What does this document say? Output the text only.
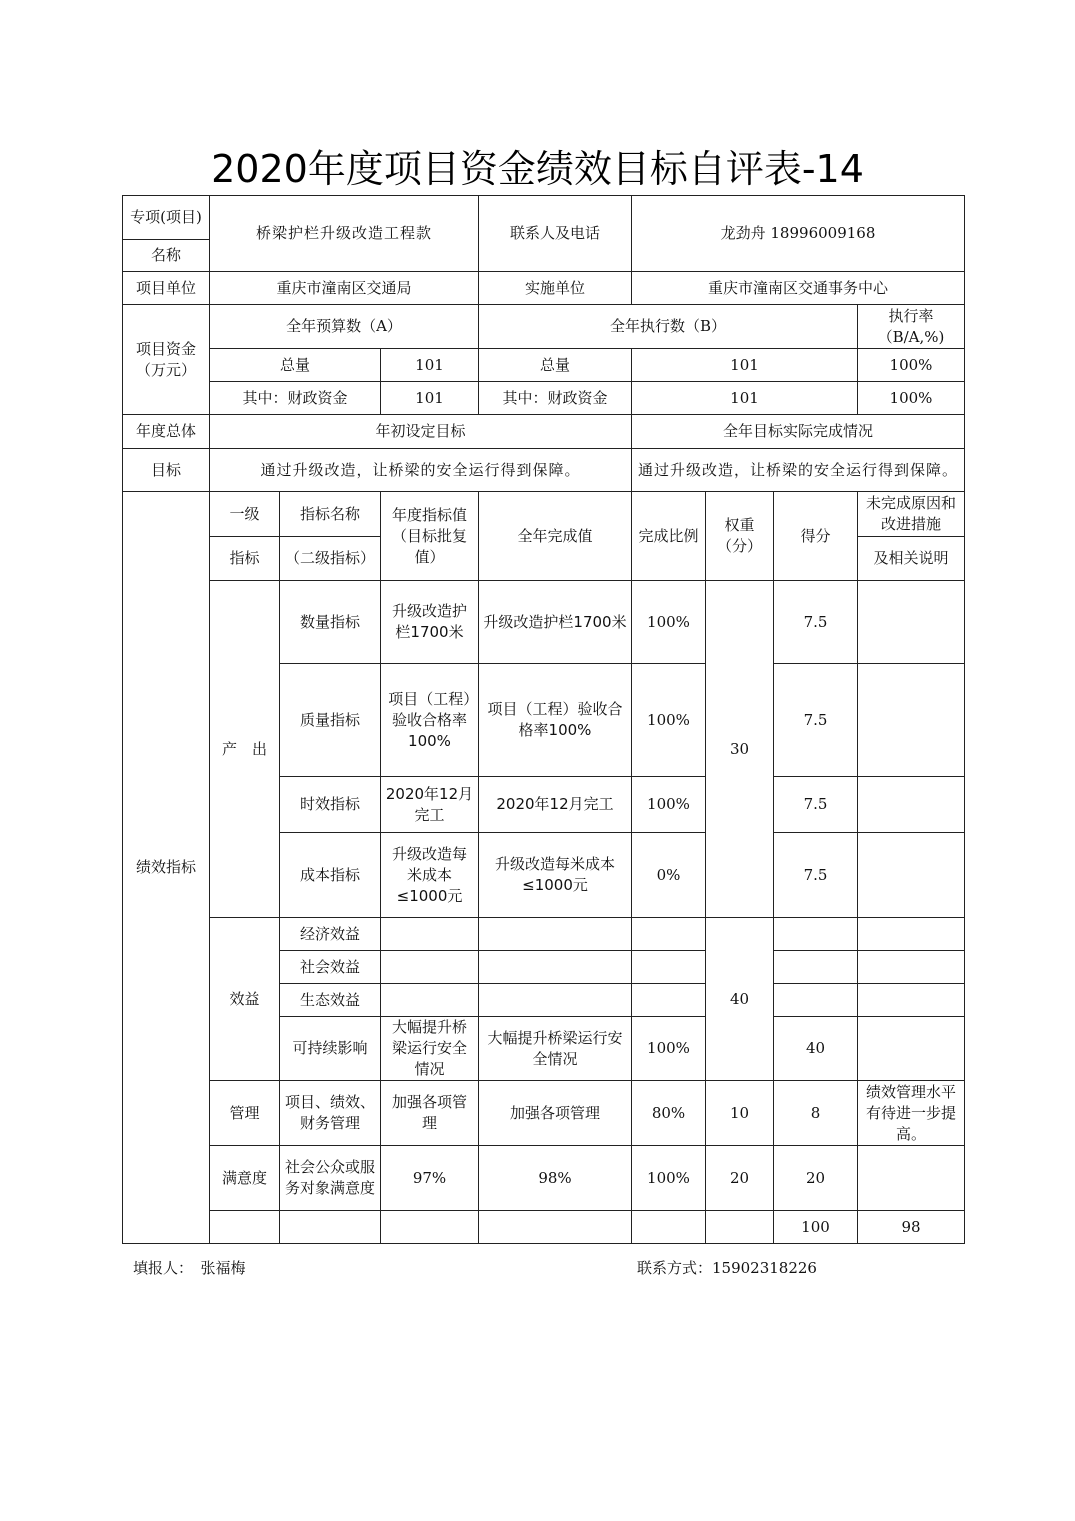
2020年度项目资金绩效目标自评表-14
专项(项目)	桥梁护栏升级改造工程款			联系人及电话	龙劲舟 18996009168				
名称									
项目单位	重庆市潼南区交通局			实施单位	重庆市潼南区交通事务中心				
项目资金（万元）	全年预算数（A）			全年执行数（B）				执行率（B/A,%)	
	总量		101	总量	101			100%	
	其中：财政资金		101	其中：财政资金	101			100%	
年度总体	年初设定目标				全年目标实际完成情况				
目标	通过升级改造，让桥梁的安全运行得到保障。				通过升级改造，让桥梁的安全运行得到保障。				
绩效指标	一级	指标名称	年度指标值（目标批复值）	全年完成值	完成比例	权重（分）	得分	未完成原因和改进措施	
	指标	（二级指标）						及相关说明	
	产　出	数量指标	升级改造护栏1700米	升级改造护栏1700米	100%	30	7.5		
		质量指标	项目（工程）验收合格率100%	项目（工程）验收合格率100%	100%		7.5		
		时效指标	2020年12月完工	2020年12月完工	100%		7.5		
		成本指标	升级改造每米成本≤1000元	升级改造每米成本≤1000元	0%		7.5		
	效益	经济效益				40			
		社会效益							
		生态效益							
		可持续影响	大幅提升桥梁运行安全情况	大幅提升桥梁运行安全情况	100%		40		
	管理	项目、绩效、财务管理	加强各项管理	加强各项管理	80%	10	8	绩效管理水平有待进一步提高。	
	满意度	社会公众或服务对象满意度	97%	98%	100%	20	20		
							100	98	
填报人：　张福梅	联系方式：15902318226
